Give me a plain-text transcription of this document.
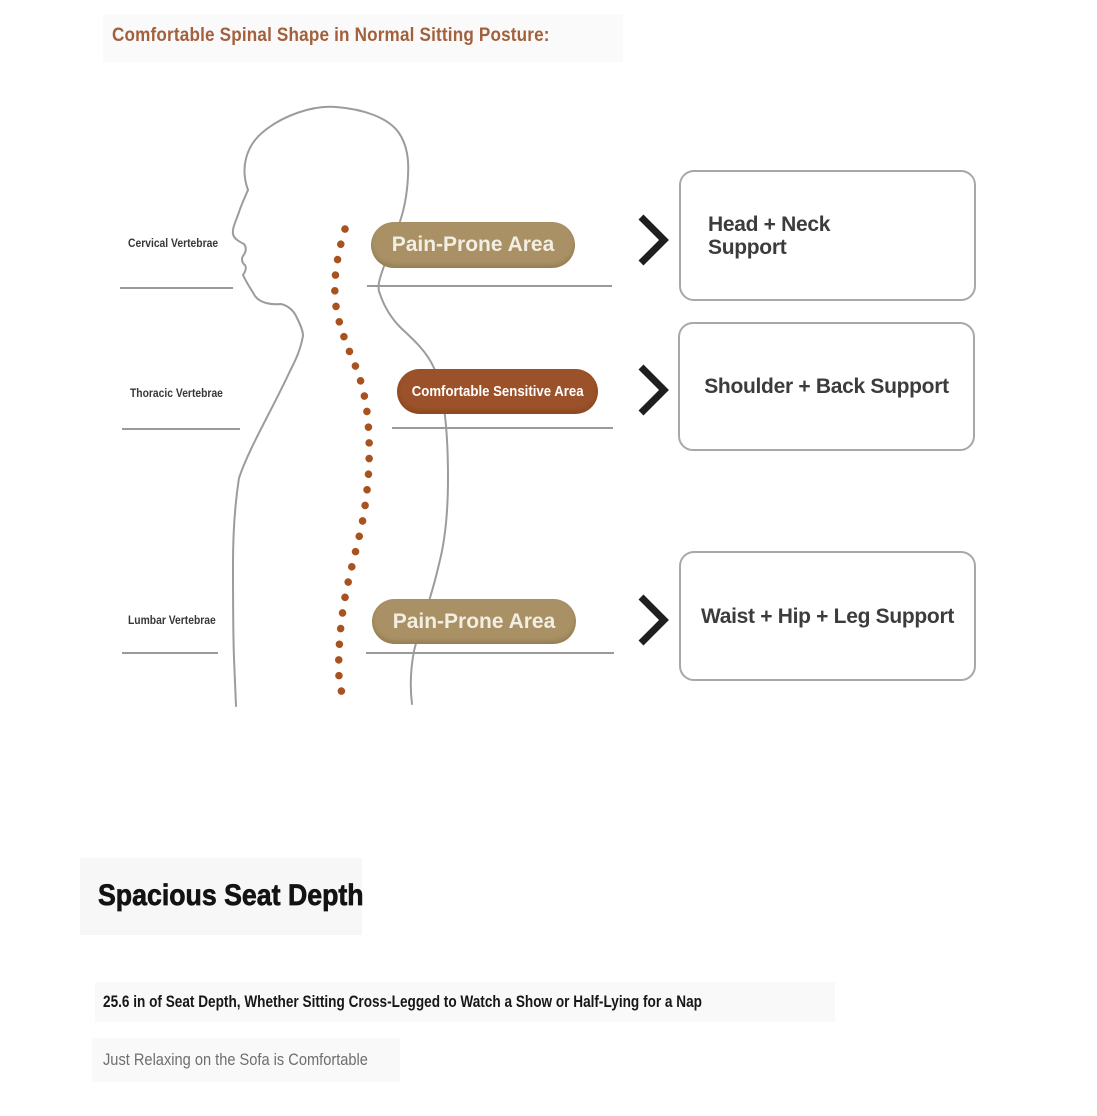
Comfortable Spinal Shape in Normal Sitting Posture:
Cervical Vertebrae
Thoracic Vertebrae
Lumbar Vertebrae
Pain-Prone Area
Comfortable Sensitive Area
Pain-Prone Area
Head + Neck
Support
Shoulder + Back Support
Waist + Hip + Leg Support
Spacious Seat Depth
25.6 in of Seat Depth, Whether Sitting Cross-Legged to Watch a Show or Half-Lying for a Nap
Just Relaxing on the Sofa is Comfortable
